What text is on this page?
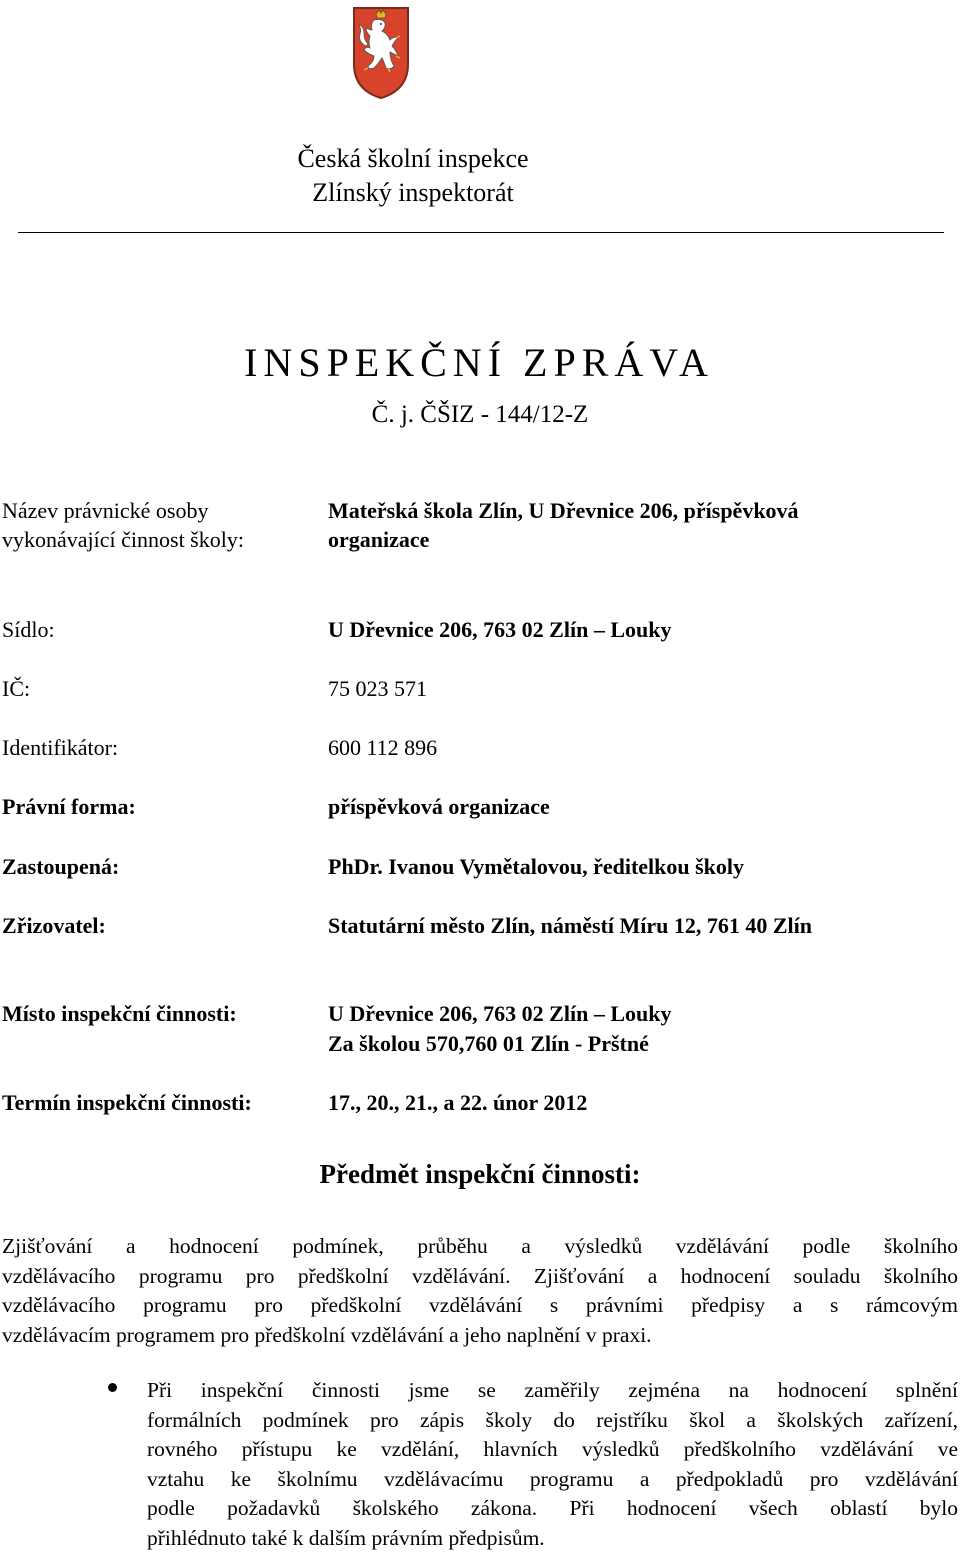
Česká školní inspekce
Zlínský inspektorát
INSPEKČNÍ ZPRÁVA
Č. j. ČŠIZ - 144/12-Z
Název právnické osoby
vykonávající činnost školy:
Mateřská škola Zlín, U Dřevnice 206, příspěvková
organizace
Sídlo:	U Dřevnice 206, 763 02 Zlín – Louky
IČ:	75 023 571
Identifikátor:	600 112 896
Právní forma:	příspěvková organizace
Zastoupená:	PhDr. Ivanou Vymětalovou, ředitelkou školy
Zřizovatel:	Statutární město Zlín, náměstí Míru 12, 761 40 Zlín
Místo inspekční činnosti:	U Dřevnice 206, 763 02 Zlín – Louky
Za školou 570,760 01 Zlín - Prštné
Termín inspekční činnosti:	17., 20., 21., a 22. únor 2012
Předmět inspekční činnosti:
Zjišťování a hodnocení podmínek, průběhu a výsledků vzdělávání podle školního
vzdělávacího programu pro předškolní vzdělávání. Zjišťování a hodnocení souladu školního
vzdělávacího programu pro předškolní vzdělávání s právními předpisy a s rámcovým
vzdělávacím programem pro předškolní vzdělávání a jeho naplnění v praxi.
Při inspekční činnosti jsme se zaměřily zejména na hodnocení splnění
formálních podmínek pro zápis školy do rejstříku škol a školských zařízení,
rovného přístupu ke vzdělání, hlavních výsledků předškolního vzdělávání ve
vztahu ke školnímu vzdělávacímu programu a předpokladů pro vzdělávání
podle požadavků školského zákona. Při hodnocení všech oblastí bylo
přihlédnuto také k dalším právním předpisům.
